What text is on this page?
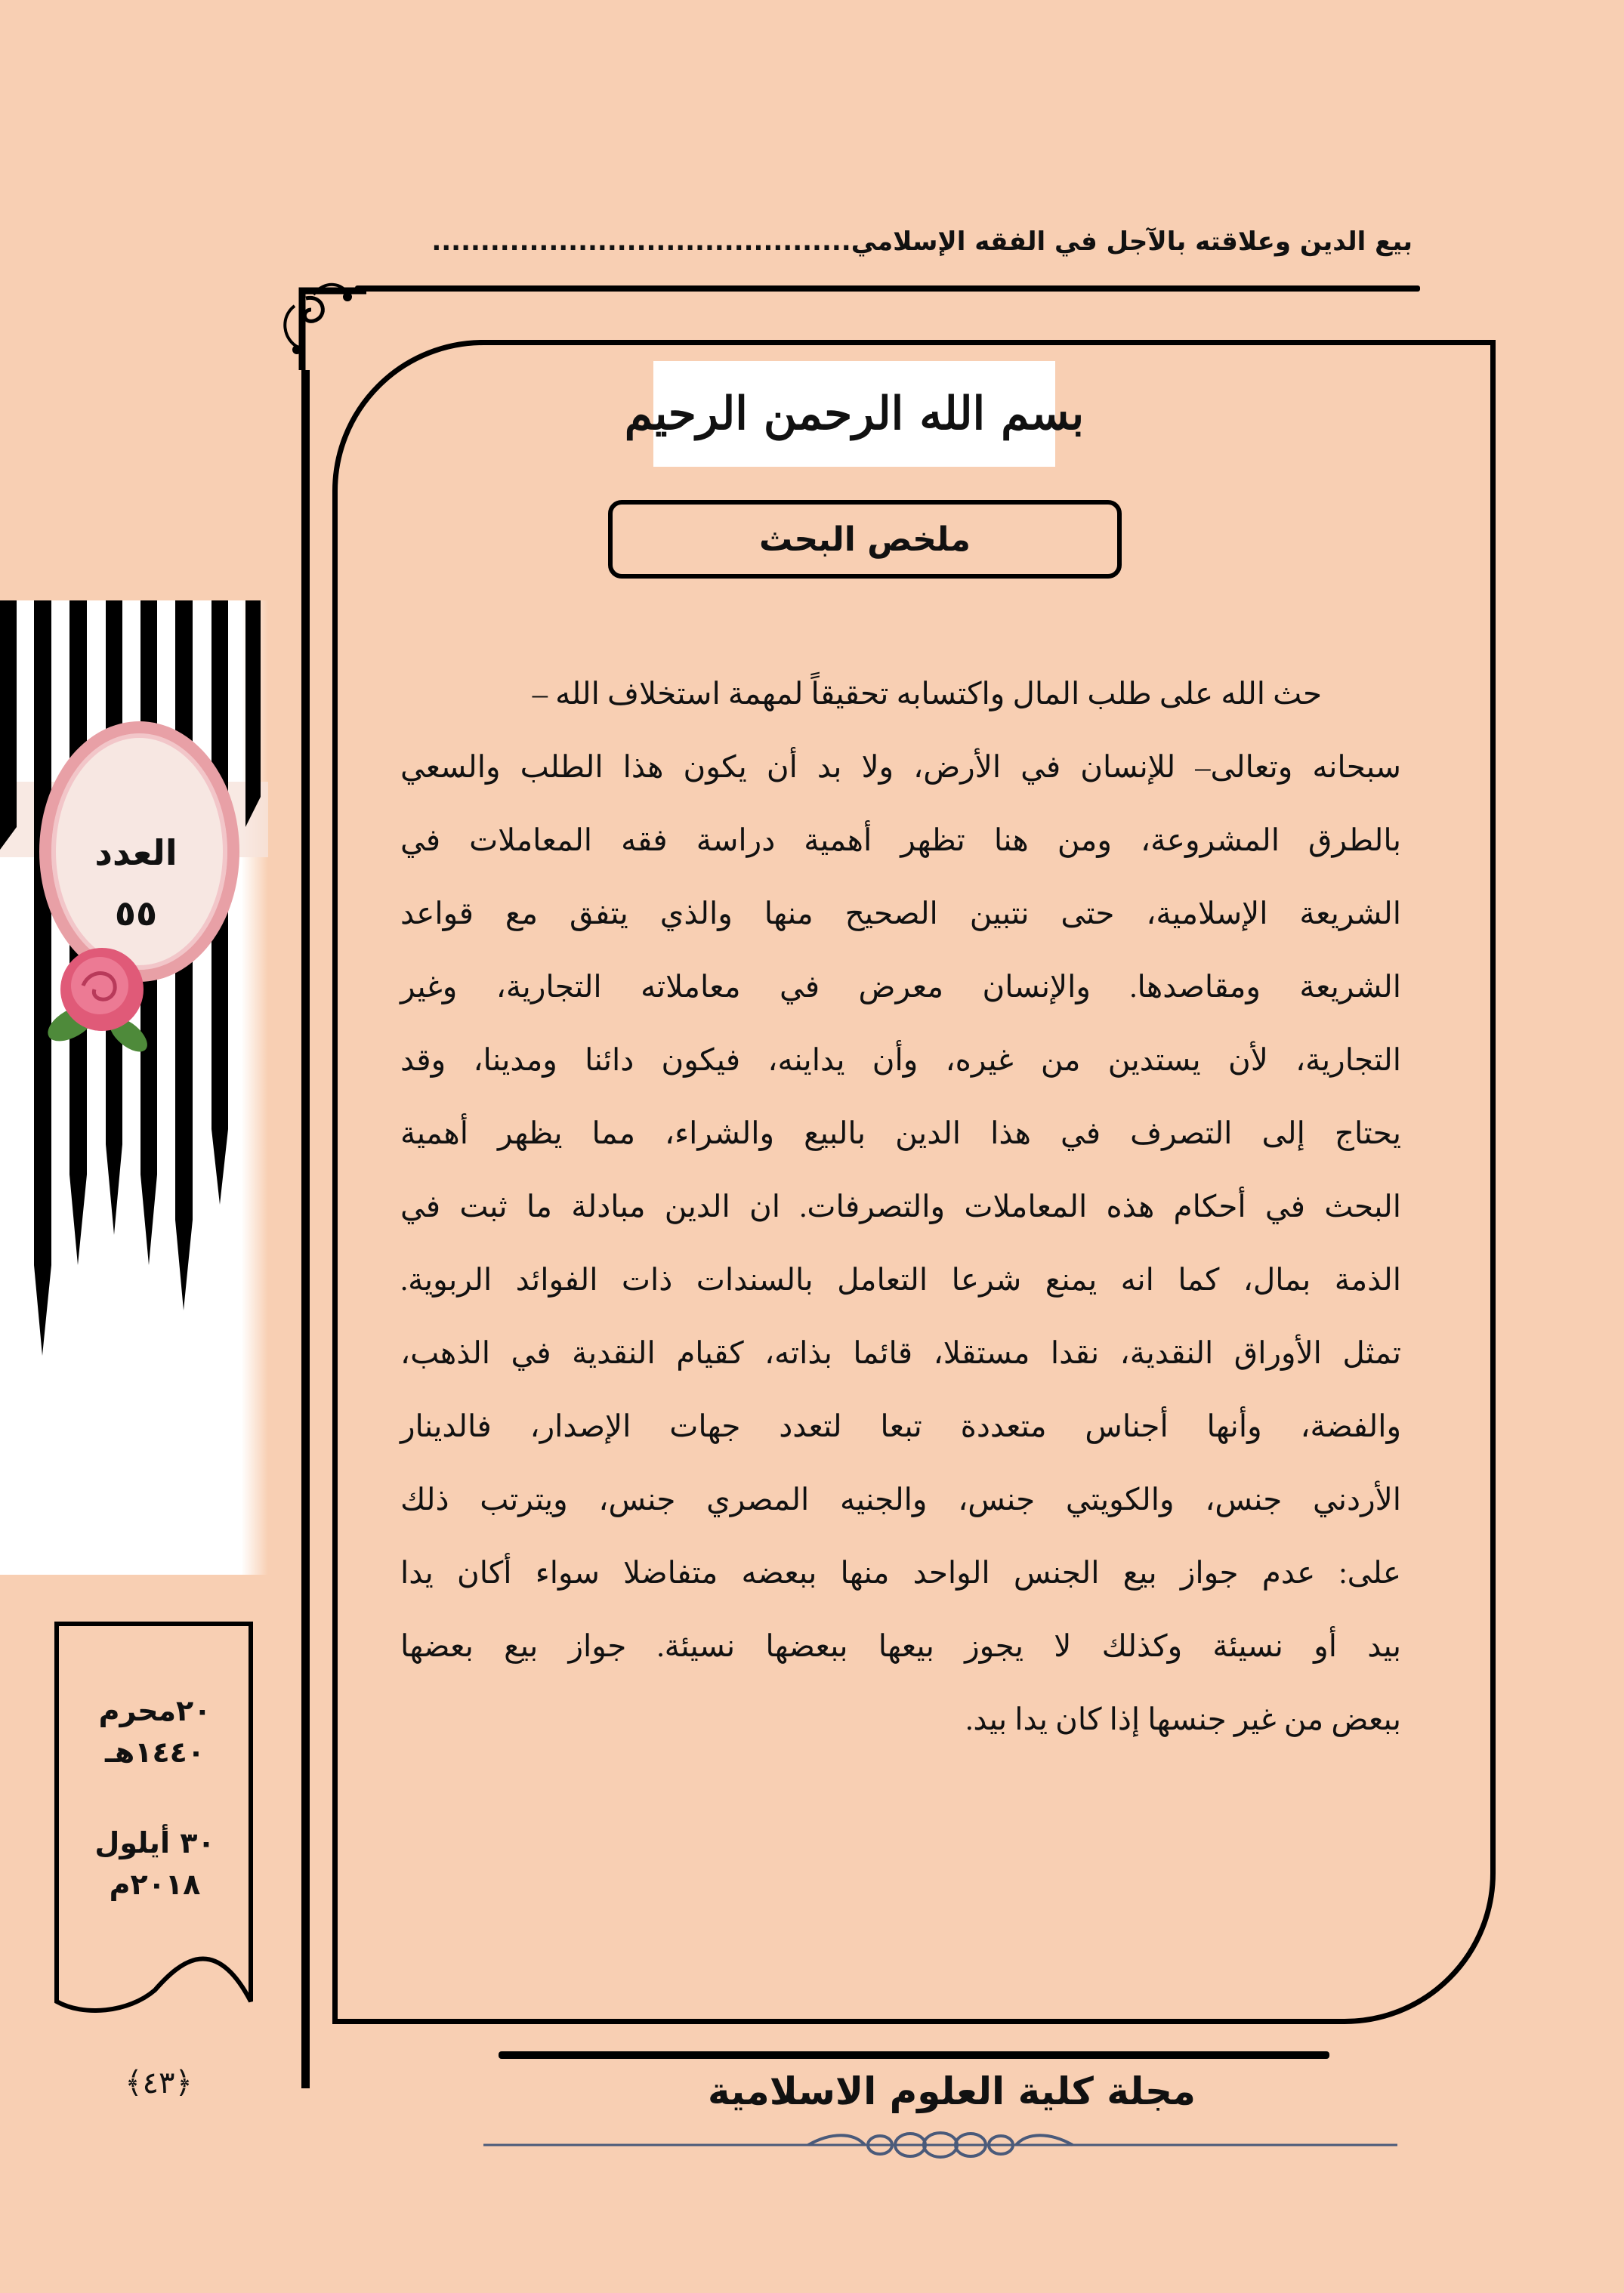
بيع الدين وعلاقته بالآجل في الفقه الإسلامي...........................................
بسم الله الرحمن الرحيم
ملخص البحث
حث الله على طلب المال واكتسابه تحقيقاً لمهمة استخلاف الله –
سبحانه وتعالى– للإنسان في الأرض، ولا بد أن يكون هذا الطلب والسعي
بالطرق المشروعة، ومن هنا تظهر أهمية دراسة فقه المعاملات في
الشريعة الإسلامية، حتى نتبين الصحيح منها والذي يتفق مع قواعد
الشريعة ومقاصدها. والإنسان معرض في معاملاته التجارية، وغير
التجارية، لأن يستدين من غيره، وأن يداينه، فيكون دائنا ومدينا، وقد
يحتاج إلى التصرف في هذا الدين بالبيع والشراء، مما يظهر أهمية
البحث في أحكام هذه المعاملات والتصرفات. ان الدين مبادلة ما ثبت في
الذمة بمال، كما انه يمنع شرعا التعامل بالسندات ذات الفوائد الربوية.
تمثل الأوراق النقدية، نقدا مستقلا، قائما بذاته، كقيام النقدية في الذهب،
والفضة، وأنها أجناس متعددة تبعا لتعدد جهات الإصدار، فالدينار
الأردني جنس، والكويتي جنس، والجنيه المصري جنس، ويترتب ذلك
على: عدم جواز بيع الجنس الواحد منها ببعضه متفاضلا سواء أكان يدا
بيد أو نسيئة وكذلك لا يجوز بيعها ببعضها نسيئة. جواز بيع بعضها
ببعض من غير جنسها إذا كان يدا بيد.
العدد
٥٥
٢٠محرم
١٤٤٠هـ
٣٠ أيلول
٢٠١٨م
﴿٤٣﴾	مجلة كلية العلوم الاسلامية
